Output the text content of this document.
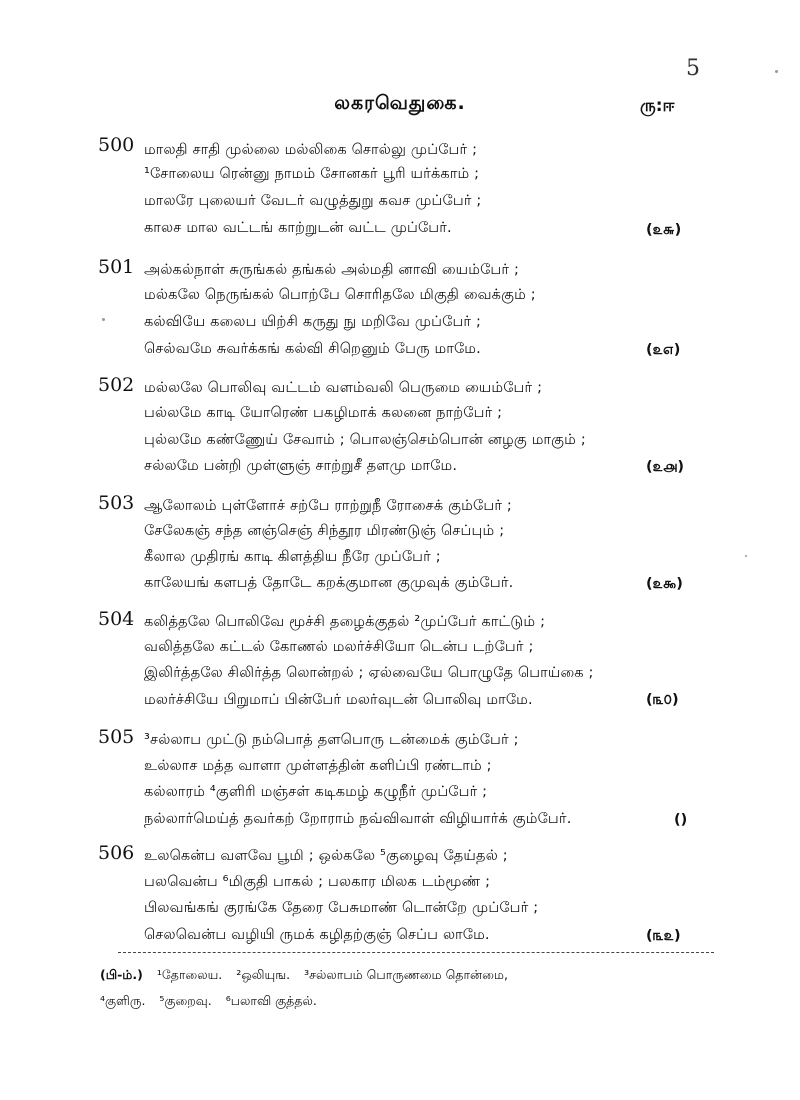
5
லகரவெதுகை.	ரு:ஈ
500 மாலதி சாதி முல்லை மல்லிகை சொல்லு முப்பேர் ;
¹சோலைய ரென்னு நாமம் சோனகர் பூரி யர்க்காம் ;
மாலரே புலையர் வேடர் வழுத்துறு கவச முப்பேர் ;
காலச மால வட்டங் காற்றுடன் வட்ட முப்பேர்.	(௨௬)
501 அல்கல்நாள் சுருங்கல் தங்கல் அல்மதி னாவி யைம்பேர் ;
மல்கலே நெருங்கல் பொற்பே சொரிதலே மிகுதி வைக்கும் ;
கல்வியே கலைப யிற்சி கருது நு மறிவே முப்பேர் ;
செல்வமே சுவர்க்கங் கல்வி சிறெனும் பேரு மாமே.	(௨௭)
502 மல்லலே பொலிவு வட்டம் வளம்வலி பெருமை யைம்பேர் ;
பல்லமே காடி யோரெண் பகழிமாக் கலனை நாற்பேர் ;
புல்லமே கண்ணுேய் சேவாம் ; பொலஞ்செம்பொன் னழகு மாகும் ;
சல்லமே பன்றி முள்ளுஞ் சாற்றுசீ தளமு மாமே.	(௨௮)
503 ஆலோலம் புள்ளோச் சற்பே ராற்றுநீ ரோசைக் கும்பேர் ;
சேலேகஞ் சந்த னஞ்செஞ் சிந்தூர மிரண்டுஞ் செப்பும் ;
கீலால முதிரங் காடி கிளத்திய நீரே முப்பேர் ;
காலேயங் களபத் தோடே கறக்குமான குமுவுக் கும்பேர்.	(௨௯)
504 கலித்தலே பொலிவே மூச்சி தழைக்குதல் ²முப்பேர் காட்டும் ;
வலித்தலே கட்டல் கோணல் மலர்ச்சியோ டென்ப டற்பேர் ;
இலிர்த்தலே சிலிர்த்த லொன்றல் ; ஏல்வையே பொழுதே பொய்கை ;
மலர்ச்சியே பிறுமாப் பின்பேர் மலர்வுடன் பொலிவு மாமே.	(௩௦)
505 ³சல்லாப முட்டு நம்பொத் தளபொரு டன்மைக் கும்பேர் ;
உல்லாச மத்த வாளா முள்ளத்தின் களிப்பி ரண்டாம் ;
கல்லாரம் ⁴குளிரி மஞ்சள் கடிகமழ் கழுநீர் முப்பேர் ;
நல்லார்மெய்த் தவர்கற் றோராம் நவ்விவாள் விழியார்க் கும்பேர்.	()
506 உலகென்ப வளவே பூமி ; ஒல்கலே ⁵குழைவு தேய்தல் ;
பலவென்ப ⁶மிகுதி பாகல் ; பலகார மிலக டம்மூண் ;
பிலவங்கங் குரங்கே தேரை பேசுமாண் டொன்றே முப்பேர் ;
செலவென்ப வழியி ருமக் கழிதற்குஞ் செப்ப லாமே.	(௩௨)
(பி-ம்.) ¹தோலைய. ²ஒலியுங. ³சல்லாபம் பொருணமை தொன்மை,
⁴குளிரு. ⁵குறைவு. ⁶பலாவி குத்தல்.
